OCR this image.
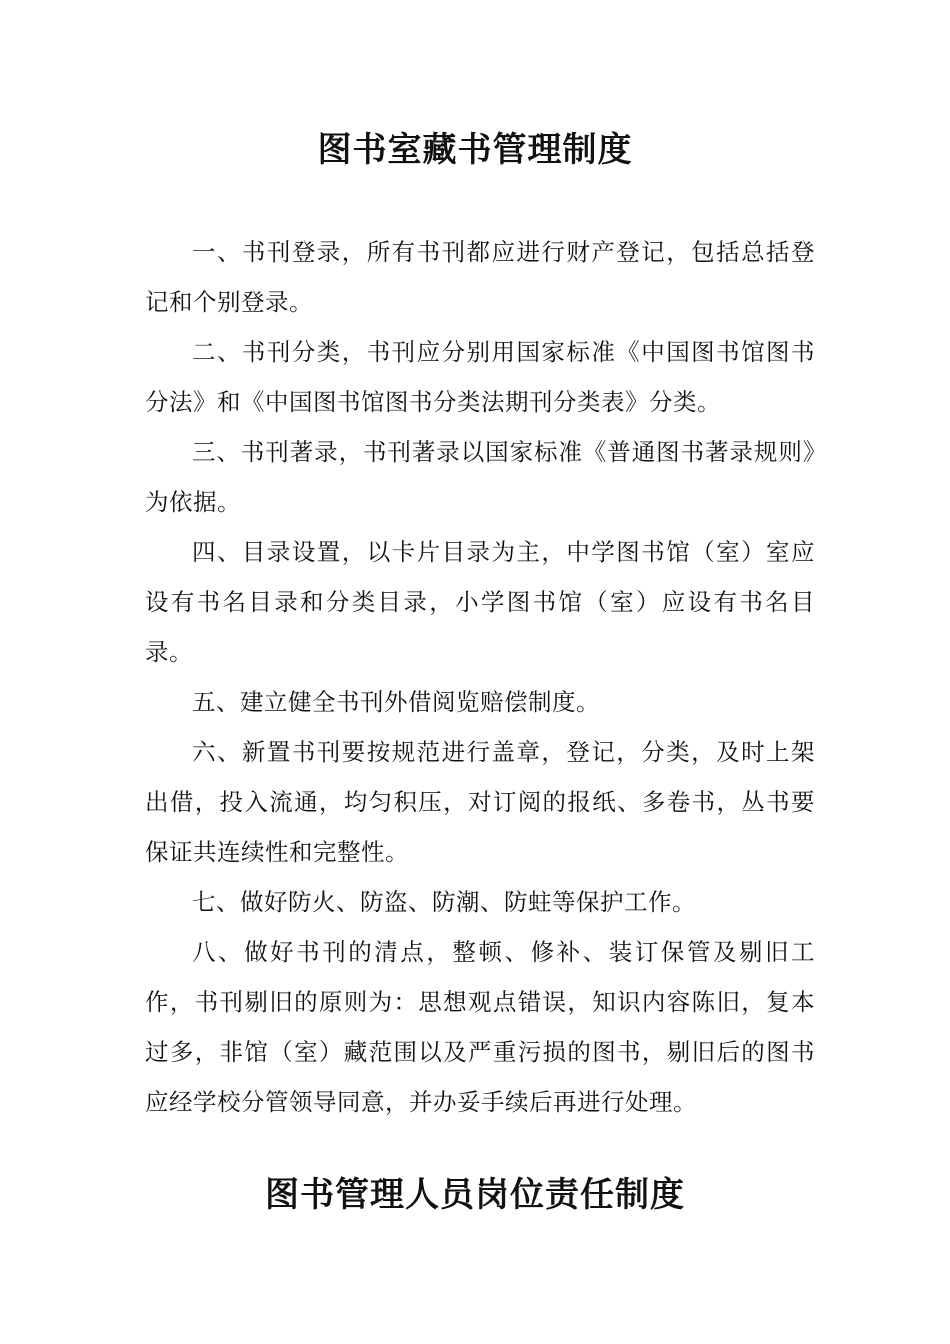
图书室藏书管理制度

一、书刊登录，所有书刊都应进行财产登记，包括总括登记和个别登录。

二、书刊分类，书刊应分别用国家标准《中国图书馆图书分法》和《中国图书馆图书分类法期刊分类表》分类。

三、书刊著录，书刊著录以国家标准《普通图书著录规则》为依据。

四、目录设置，以卡片目录为主，中学图书馆（室）室应设有书名目录和分类目录，小学图书馆（室）应设有书名目录。

五、建立健全书刊外借阅览赔偿制度。

六、新置书刊要按规范进行盖章，登记，分类，及时上架出借，投入流通，均匀积压，对订阅的报纸、多卷书，丛书要保证共连续性和完整性。

七、做好防火、防盗、防潮、防蛀等保护工作。

八、做好书刊的清点，整顿、修补、装订保管及剔旧工作，书刊剔旧的原则为：思想观点错误，知识内容陈旧，复本过多，非馆（室）藏范围以及严重污损的图书，剔旧后的图书应经学校分管领导同意，并办妥手续后再进行处理。

图书管理人员岗位责任制度
